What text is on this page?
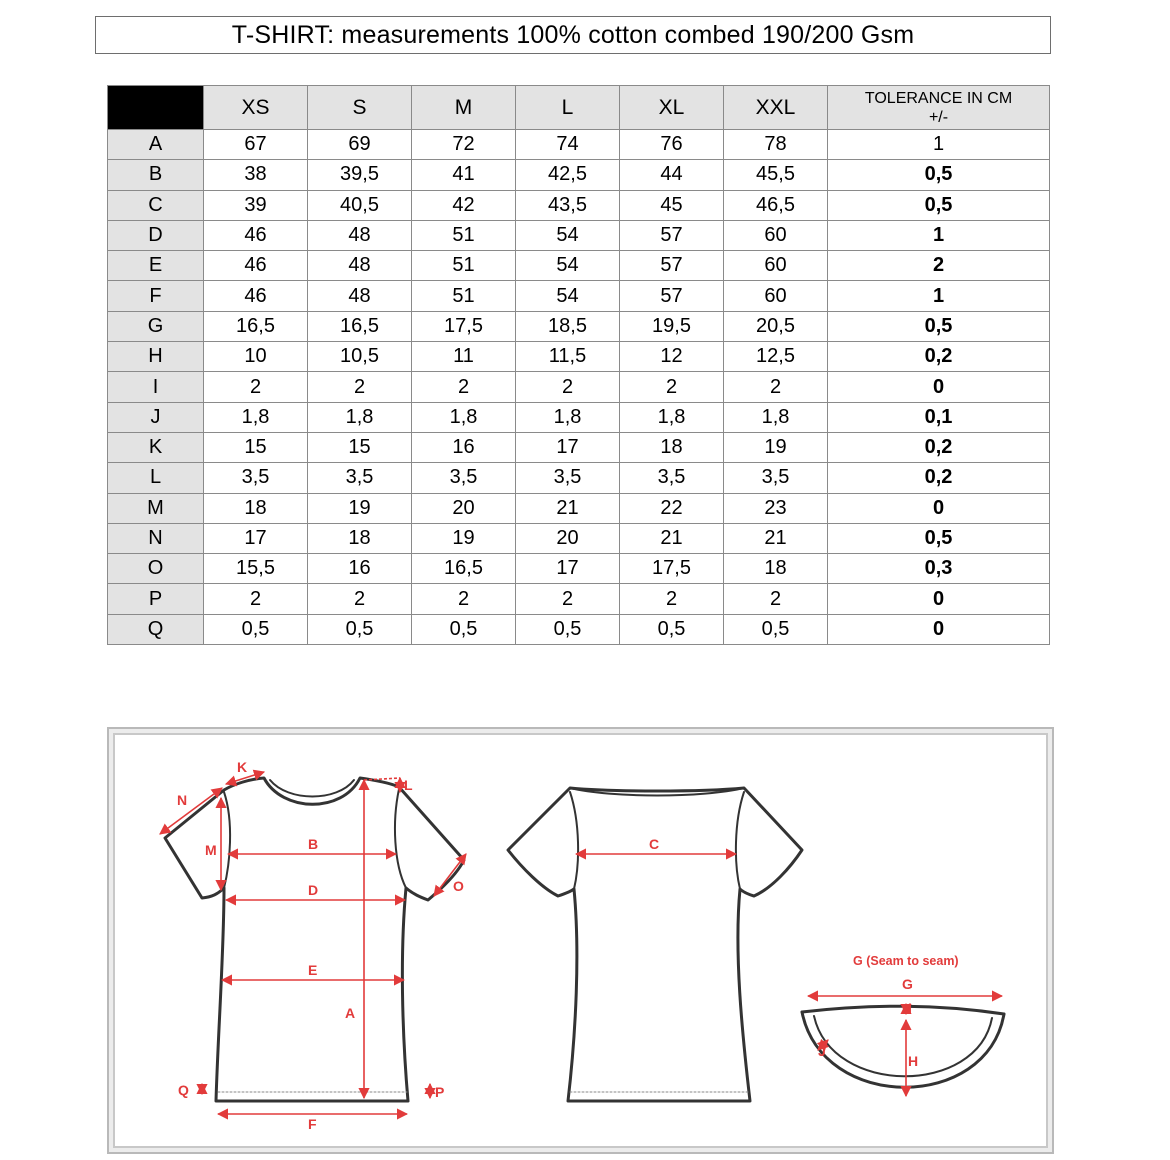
T-SHIRT: measurements 100% cotton combed 190/200 Gsm
	XS	S	M	L	XL	XXL	TOLERANCE IN CM
+/-
A	67	69	72	74	76	78	1
B	38	39,5	41	42,5	44	45,5	0,5
C	39	40,5	42	43,5	45	46,5	0,5
D	46	48	51	54	57	60	1
E	46	48	51	54	57	60	2
F	46	48	51	54	57	60	1
G	16,5	16,5	17,5	18,5	19,5	20,5	0,5
H	10	10,5	11	11,5	12	12,5	0,2
I	2	2	2	2	2	2	0
J	1,8	1,8	1,8	1,8	1,8	1,8	0,1
K	15	15	16	17	18	19	0,2
L	3,5	3,5	3,5	3,5	3,5	3,5	0,2
M	18	19	20	21	22	23	0
N	17	18	19	20	21	21	0,5
O	15,5	16	16,5	17	17,5	18	0,3
P	2	2	2	2	2	2	0
Q	0,5	0,5	0,5	0,5	0,5	0,5	0
A
B	C
D
E
F
G
H
I
J
K
L
M
N
O
P
Q
G (Seam to seam)
